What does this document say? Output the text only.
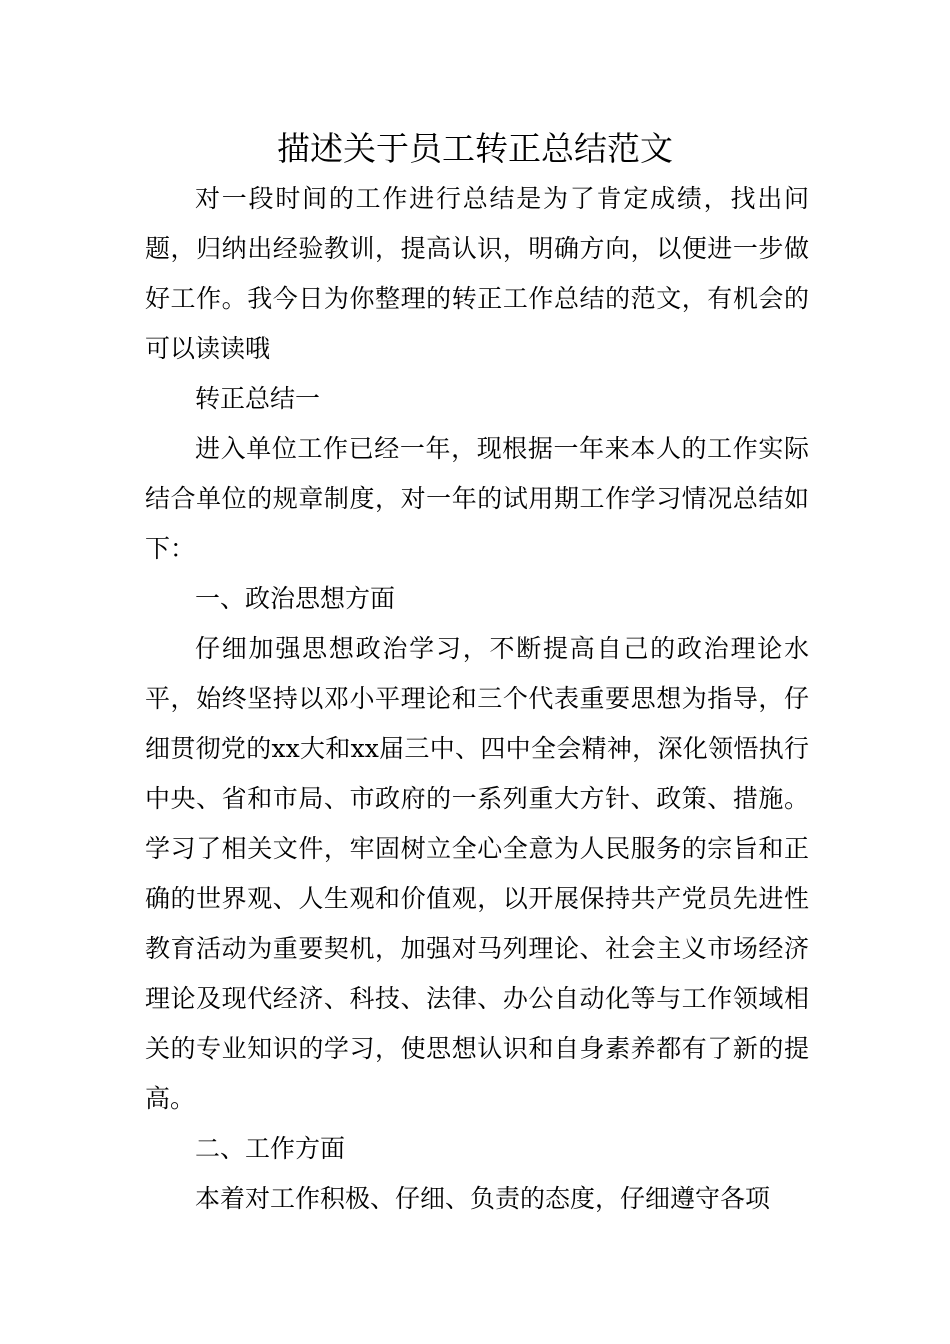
描述关于员工转正总结范文

对一段时间的工作进行总结是为了肯定成绩，找出问题，归纳出经验教训，提高认识，明确方向，以便进一步做好工作。我今日为你整理的转正工作总结的范文，有机会的可以读读哦

转正总结一

进入单位工作已经一年，现根据一年来本人的工作实际结合单位的规章制度，对一年的试用期工作学习情况总结如下：

一、政治思想方面

仔细加强思想政治学习，不断提高自己的政治理论水平，始终坚持以邓小平理论和三个代表重要思想为指导，仔细贯彻党的xx大和xx届三中、四中全会精神，深化领悟执行中央、省和市局、市政府的一系列重大方针、政策、措施。学习了相关文件，牢固树立全心全意为人民服务的宗旨和正确的世界观、人生观和价值观，以开展保持共产党员先进性教育活动为重要契机，加强对马列理论、社会主义市场经济理论及现代经济、科技、法律、办公自动化等与工作领域相关的专业知识的学习，使思想认识和自身素养都有了新的提高。

二、工作方面

本着对工作积极、仔细、负责的态度，仔细遵守各项
